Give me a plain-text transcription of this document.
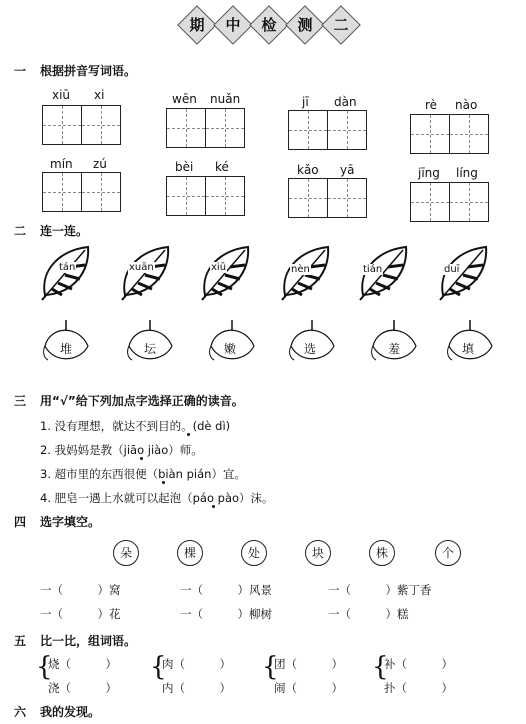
期	中	检	测	二
一 根据拼音写词语。
xiū xi	wēn nuǎn	jī dàn	rè nào
mín zú	bèi ké	kǎo yā	jīng líng
二 连一连。
tán	xuān	xiū	nèn	tián	duī
堆	坛	嫩	选	羞	填
三 用“√”给下列加点字选择正确的读音。
1. 没有理想，就达不到目的。(dè dì)
2. 我妈妈是教（jiāo jiào）师。
3. 超市里的东西很便（biàn pián）宜。
4. 肥皂一遇上水就可以起泡（páo pào）沫。
四 选字填空。
朵	棵	处	块	株	个
一（　　　）窝	一（　　　）风景	一（　　　）紫丁香
一（　　　）花	一（　　　）柳树	一（　　　）糕
五 比一比，组词语。
{
烧（　　　）
浇（　　　）
{
肉（　　　）
内（　　　）
{
团（　　　）
闹（　　　）
{
补（　　　）
扑（　　　）
六 我的发现。
